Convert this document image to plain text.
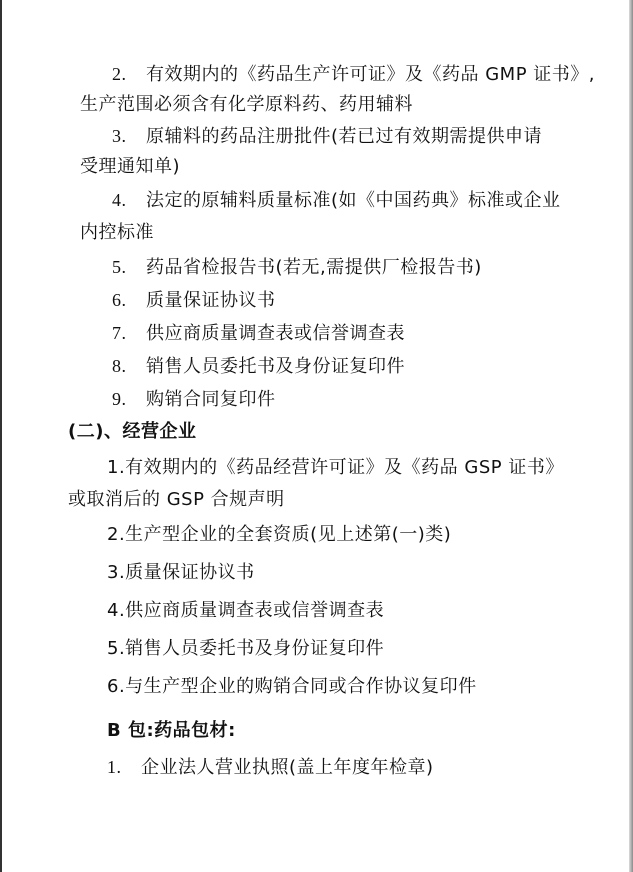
2. 有效期内的《药品生产许可证》及《药品 GMP 证书》,
生产范围必须含有化学原料药、药用辅料
3. 原辅料的药品注册批件(若已过有效期需提供申请
受理通知单)
4. 法定的原辅料质量标准(如《中国药典》标准或企业
内控标准
5. 药品省检报告书(若无,需提供厂检报告书)
6. 质量保证协议书
7. 供应商质量调查表或信誉调查表
8. 销售人员委托书及身份证复印件
9. 购销合同复印件
(二)、经营企业
1.有效期内的《药品经营许可证》及《药品 GSP 证书》
或取消后的 GSP 合规声明
2.生产型企业的全套资质(见上述第(一)类)
3.质量保证协议书
4.供应商质量调查表或信誉调查表
5.销售人员委托书及身份证复印件
6.与生产型企业的购销合同或合作协议复印件
B 包:药品包材:
1. 企业法人营业执照(盖上年度年检章)
